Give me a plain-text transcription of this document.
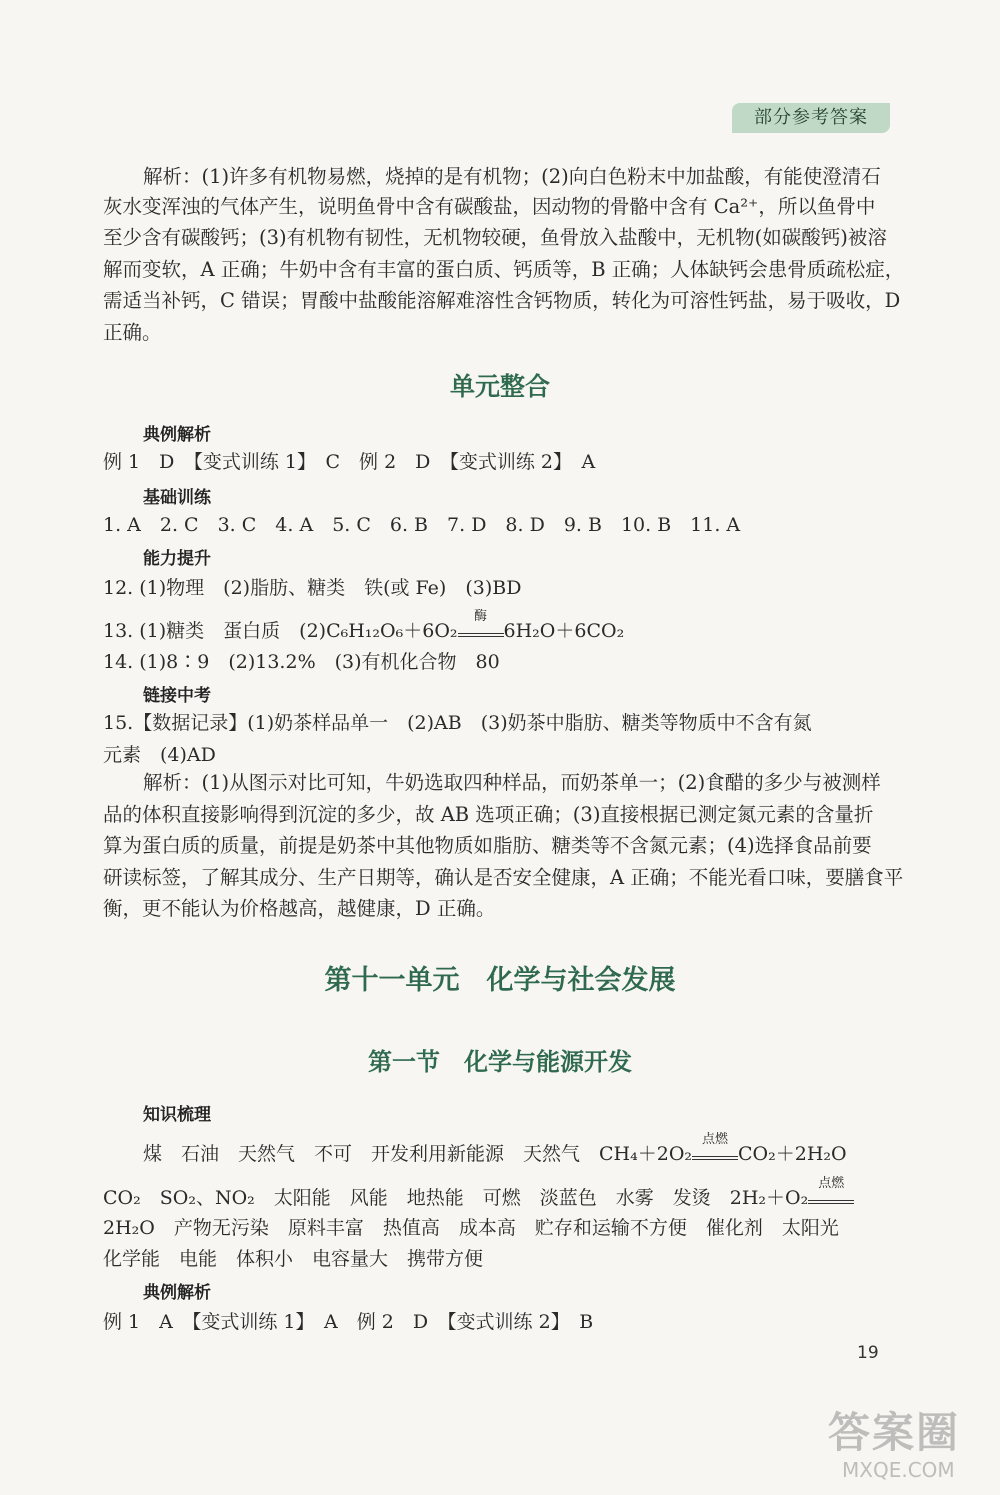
部分参考答案
解析：(1)许多有机物易燃，烧掉的是有机物；(2)向白色粉末中加盐酸，有能使澄清石
灰水变浑浊的气体产生，说明鱼骨中含有碳酸盐，因动物的骨骼中含有 Ca²⁺，所以鱼骨中
至少含有碳酸钙；(3)有机物有韧性，无机物较硬，鱼骨放入盐酸中，无机物(如碳酸钙)被溶
解而变软，A 正确；牛奶中含有丰富的蛋白质、钙质等，B 正确；人体缺钙会患骨质疏松症，
需适当补钙，C 错误；胃酸中盐酸能溶解难溶性含钙物质，转化为可溶性钙盐，易于吸收，D
正确。
单元整合
典例解析
例 1　D　【变式训练 1】　C　例 2　D　【变式训练 2】　A
基础训练
1. A　2. C　3. C　4. A　5. C　6. B　7. D　8. D　9. B　10. B　11. A
能力提升
12. (1)物理　(2)脂肪、糖类　铁(或 Fe)　(3)BD
13. (1)糖类　蛋白质　(2)C₆H₁₂O₆＋6O₂
酶
6H₂O＋6CO₂
14. (1)8∶9　(2)13.2%　(3)有机化合物　80
链接中考
15.【数据记录】(1)奶茶样品单一　(2)AB　(3)奶茶中脂肪、糖类等物质中不含有氮
元素　(4)AD
解析：(1)从图示对比可知，牛奶选取四种样品，而奶茶单一；(2)食醋的多少与被测样
品的体积直接影响得到沉淀的多少，故 AB 选项正确；(3)直接根据已测定氮元素的含量折
算为蛋白质的质量，前提是奶茶中其他物质如脂肪、糖类等不含氮元素；(4)选择食品前要
研读标签，了解其成分、生产日期等，确认是否安全健康，A 正确；不能光看口味，要膳食平
衡，更不能认为价格越高，越健康，D 正确。
第十一单元　化学与社会发展
第一节　化学与能源开发
知识梳理
煤　石油　天然气　不可　开发利用新能源　天然气　CH₄＋2O₂
点燃
CO₂＋2H₂O
CO₂　SO₂、NO₂　太阳能　风能　地热能　可燃　淡蓝色　水雾　发烫　2H₂＋O₂
点燃
2H₂O　产物无污染　原料丰富　热值高　成本高　贮存和运输不方便　催化剂　太阳光
化学能　电能　体积小　电容量大　携带方便
典例解析
例 1　A　【变式训练 1】　A　例 2　D　【变式训练 2】　B
19
答案圈
MXQE.COM
